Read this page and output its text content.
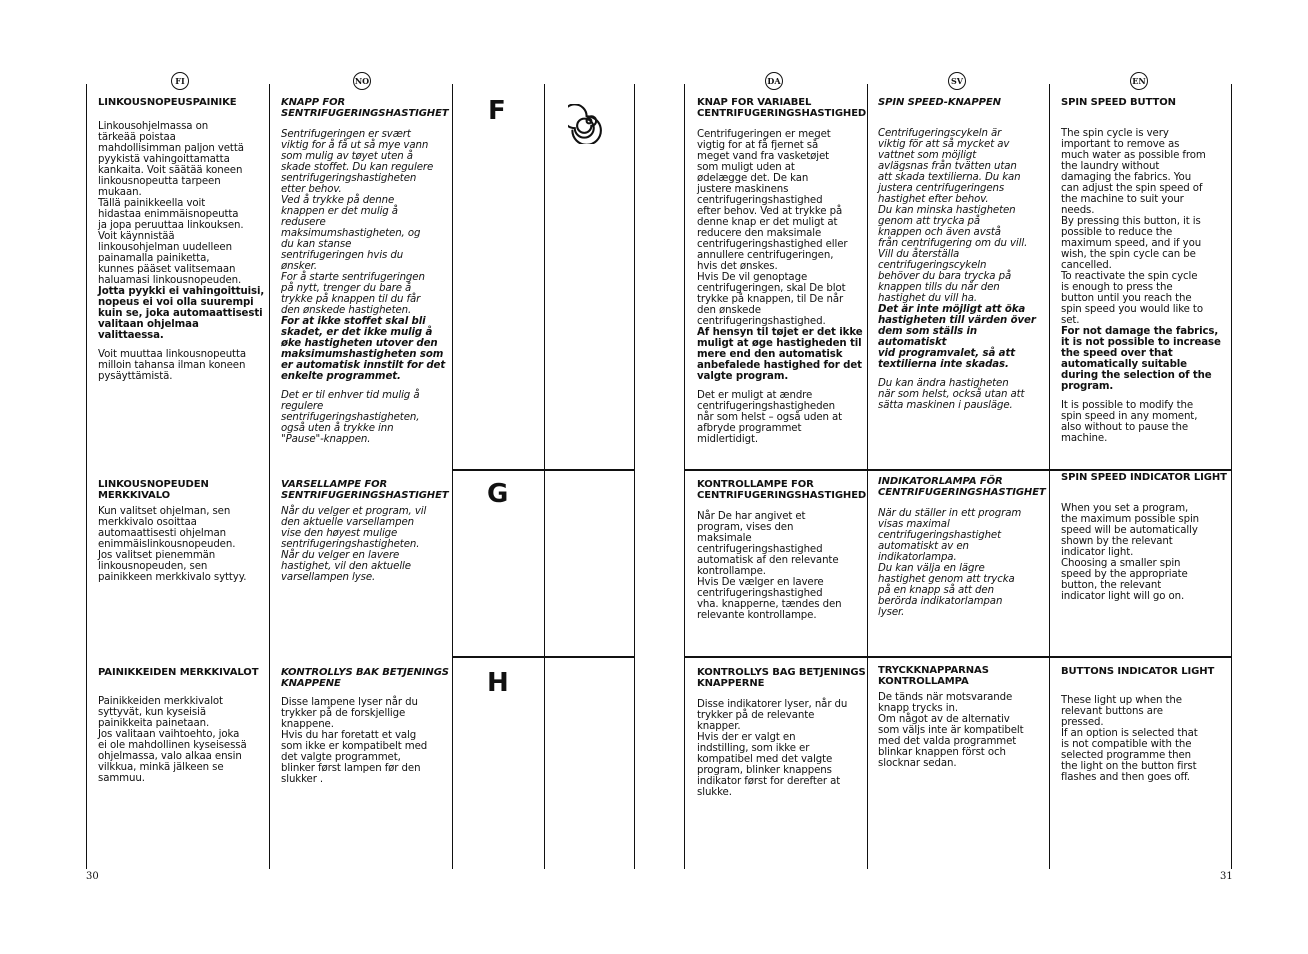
FI	NO	DA	SV	EN
F
G
H
LINKOUSNOPEUSPAINIKE

Linkousohjelmassa on
tärkeää poistaa
mahdollisimman paljon vettä
pyykistä vahingoittamatta
kankaita. Voit säätää koneen
linkousnopeutta tarpeen
mukaan.
Tällä painikkeella voit
hidastaa enimmäisnopeutta
ja jopa peruuttaa linkouksen.
Voit käynnistää
linkousohjelman uudelleen
painamalla painiketta,
kunnes pääset valitsemaan
haluamasi linkousnopeuden.

Jotta pyykki ei vahingoittuisi,
nopeus ei voi olla suurempi
kuin se, joka automaattisesti
valitaan ohjelmaa
valittaessa.

Voit muuttaa linkousnopeutta
milloin tahansa ilman koneen
pysäyttämistä.

LINKOUSNOPEUDEN
MERKKIVALO

Kun valitset ohjelman, sen
merkkivalo osoittaa
automaattisesti ohjelman
enimmäislinkousnopeuden.
Jos valitset pienemmän
linkousnopeuden, sen
painikkeen merkkivalo syttyy.

PAINIKKEIDEN MERKKIVALOT

Painikkeiden merkkivalot
syttyvät, kun kyseisiä
painikkeita painetaan.
Jos valitaan vaihtoehto, joka
ei ole mahdollinen kyseisessä
ohjelmassa, valo alkaa ensin
vilkkua, minkä jälkeen se
sammuu.

KNAPP FOR
SENTRIFUGERINGSHASTIGHET

Sentrifugeringen er svært
viktig for å få ut så mye vann
som mulig av tøyet uten å
skade stoffet. Du kan regulere
sentrifugeringshastigheten
etter behov.
Ved å trykke på denne
knappen er det mulig å
redusere
maksimumshastigheten, og
du kan stanse
sentrifugeringen hvis du
ønsker.
For å starte sentrifugeringen
på nytt, trenger du bare å
trykke på knappen til du får
den ønskede hastigheten.

For at ikke stoffet skal bli
skadet, er det ikke mulig å
øke hastigheten utover den
maksimumshastigheten som
er automatisk innstilt for det
enkelte programmet.

Det er til enhver tid mulig å
regulere
sentrifugeringshastigheten,
også uten å trykke inn
"Pause"-knappen.

VARSELLAMPE FOR
SENTRIFUGERINGSHASTIGHET

Når du velger et program, vil
den aktuelle varsellampen
vise den høyest mulige
sentrifugeringshastigheten.
Når du velger en lavere
hastighet, vil den aktuelle
varsellampen lyse.

KONTROLLYS BAK BETJENINGS
KNAPPENE

Disse lampene lyser når du
trykker på de forskjellige
knappene.
Hvis du har foretatt et valg
som ikke er kompatibelt med
det valgte programmet,
blinker først lampen før den
slukker .

KNAP FOR VARIABEL
CENTRIFUGERINGSHASTIGHED

Centrifugeringen er meget
vigtig for at få fjernet så
meget vand fra vasketøjet
som muligt uden at
ødelægge det. De kan
justere maskinens
centrifugeringshastighed
efter behov. Ved at trykke på
denne knap er det muligt at
reducere den maksimale
centrifugeringshastighed eller
annullere centrifugeringen,
hvis det ønskes.
Hvis De vil genoptage
centrifugeringen, skal De blot
trykke på knappen, til De når
den ønskede
centrifugeringshastighed.

Af hensyn til tøjet er det ikke
muligt at øge hastigheden til
mere end den automatisk
anbefalede hastighed for det
valgte program.

Det er muligt at ændre
centrifugeringshastigheden
når som helst – også uden at
afbryde programmet
midlertidigt.

KONTROLLAMPE FOR
CENTRIFUGERINGSHASTIGHED

Når De har angivet et
program, vises den
maksimale
centrifugeringshastighed
automatisk af den relevante
kontrollampe.
Hvis De vælger en lavere
centrifugeringshastighed
vha. knapperne, tændes den
relevante kontrollampe.

KONTROLLYS BAG BETJENINGS
KNAPPERNE

Disse indikatorer lyser, når du
trykker på de relevante
knapper.
Hvis der er valgt en
indstilling, som ikke er
kompatibel med det valgte
program, blinker knappens
indikator først for derefter at
slukke.

SPIN SPEED-KNAPPEN

Centrifugeringscykeln är
viktig för att så mycket av
vattnet som möjligt
avlägsnas från tvätten utan
att skada textilierna. Du kan
justera centrifugeringens
hastighet efter behov.
Du kan minska hastigheten
genom att trycka på
knappen och även avstå
från centrifugering om du vill.
Vill du återställa
centrifugeringscykeln
behöver du bara trycka på
knappen tills du når den
hastighet du vill ha.

Det är inte möjligt att öka
hastigheten till värden över
dem som ställs in automatiskt
vid programvalet, så att
textilierna inte skadas.

Du kan ändra hastigheten
när som helst, också utan att
sätta maskinen i pausläge.

INDIKATORLAMPA FÖR
CENTRIFUGERINGSHASTIGHET

När du ställer in ett program
visas maximal
centrifugeringshastighet
automatiskt av en
indikatorlampa.
Du kan välja en lägre
hastighet genom att trycka
på en knapp så att den
berörda indikatorlampan
lyser.

TRYCKKNAPPARNAS
KONTROLLAMPA

De tänds när motsvarande
knapp trycks in.
Om något av de alternativ
som väljs inte är kompatibelt
med det valda programmet
blinkar knappen först och
slocknar sedan.

SPIN SPEED BUTTON

The spin cycle is very
important to remove as
much water as possible from
the laundry without
damaging the fabrics. You
can adjust the spin speed of
the machine to suit your
needs.
By pressing this button, it is
possible to reduce the
maximum speed, and if you
wish, the spin cycle can be
cancelled.
To reactivate the spin cycle
is enough to press the
button until you reach the
spin speed you would like to
set.

For not damage the fabrics,
it is not possible to increase
the speed over that
automatically suitable
during the selection of the
program.

It is possible to modify the
spin speed in any moment,
also without to pause the
machine.

SPIN SPEED INDICATOR LIGHT

When you set a program,
the maximum possible spin
speed will be automatically
shown by the relevant
indicator light.
Choosing a smaller spin
speed by the appropriate
button, the relevant
indicator light will go on.

BUTTONS INDICATOR LIGHT

These light up when the
relevant buttons are
pressed.
If an option is selected that
is not compatible with the
selected programme then
the light on the button first
flashes and then goes off.

30	31
